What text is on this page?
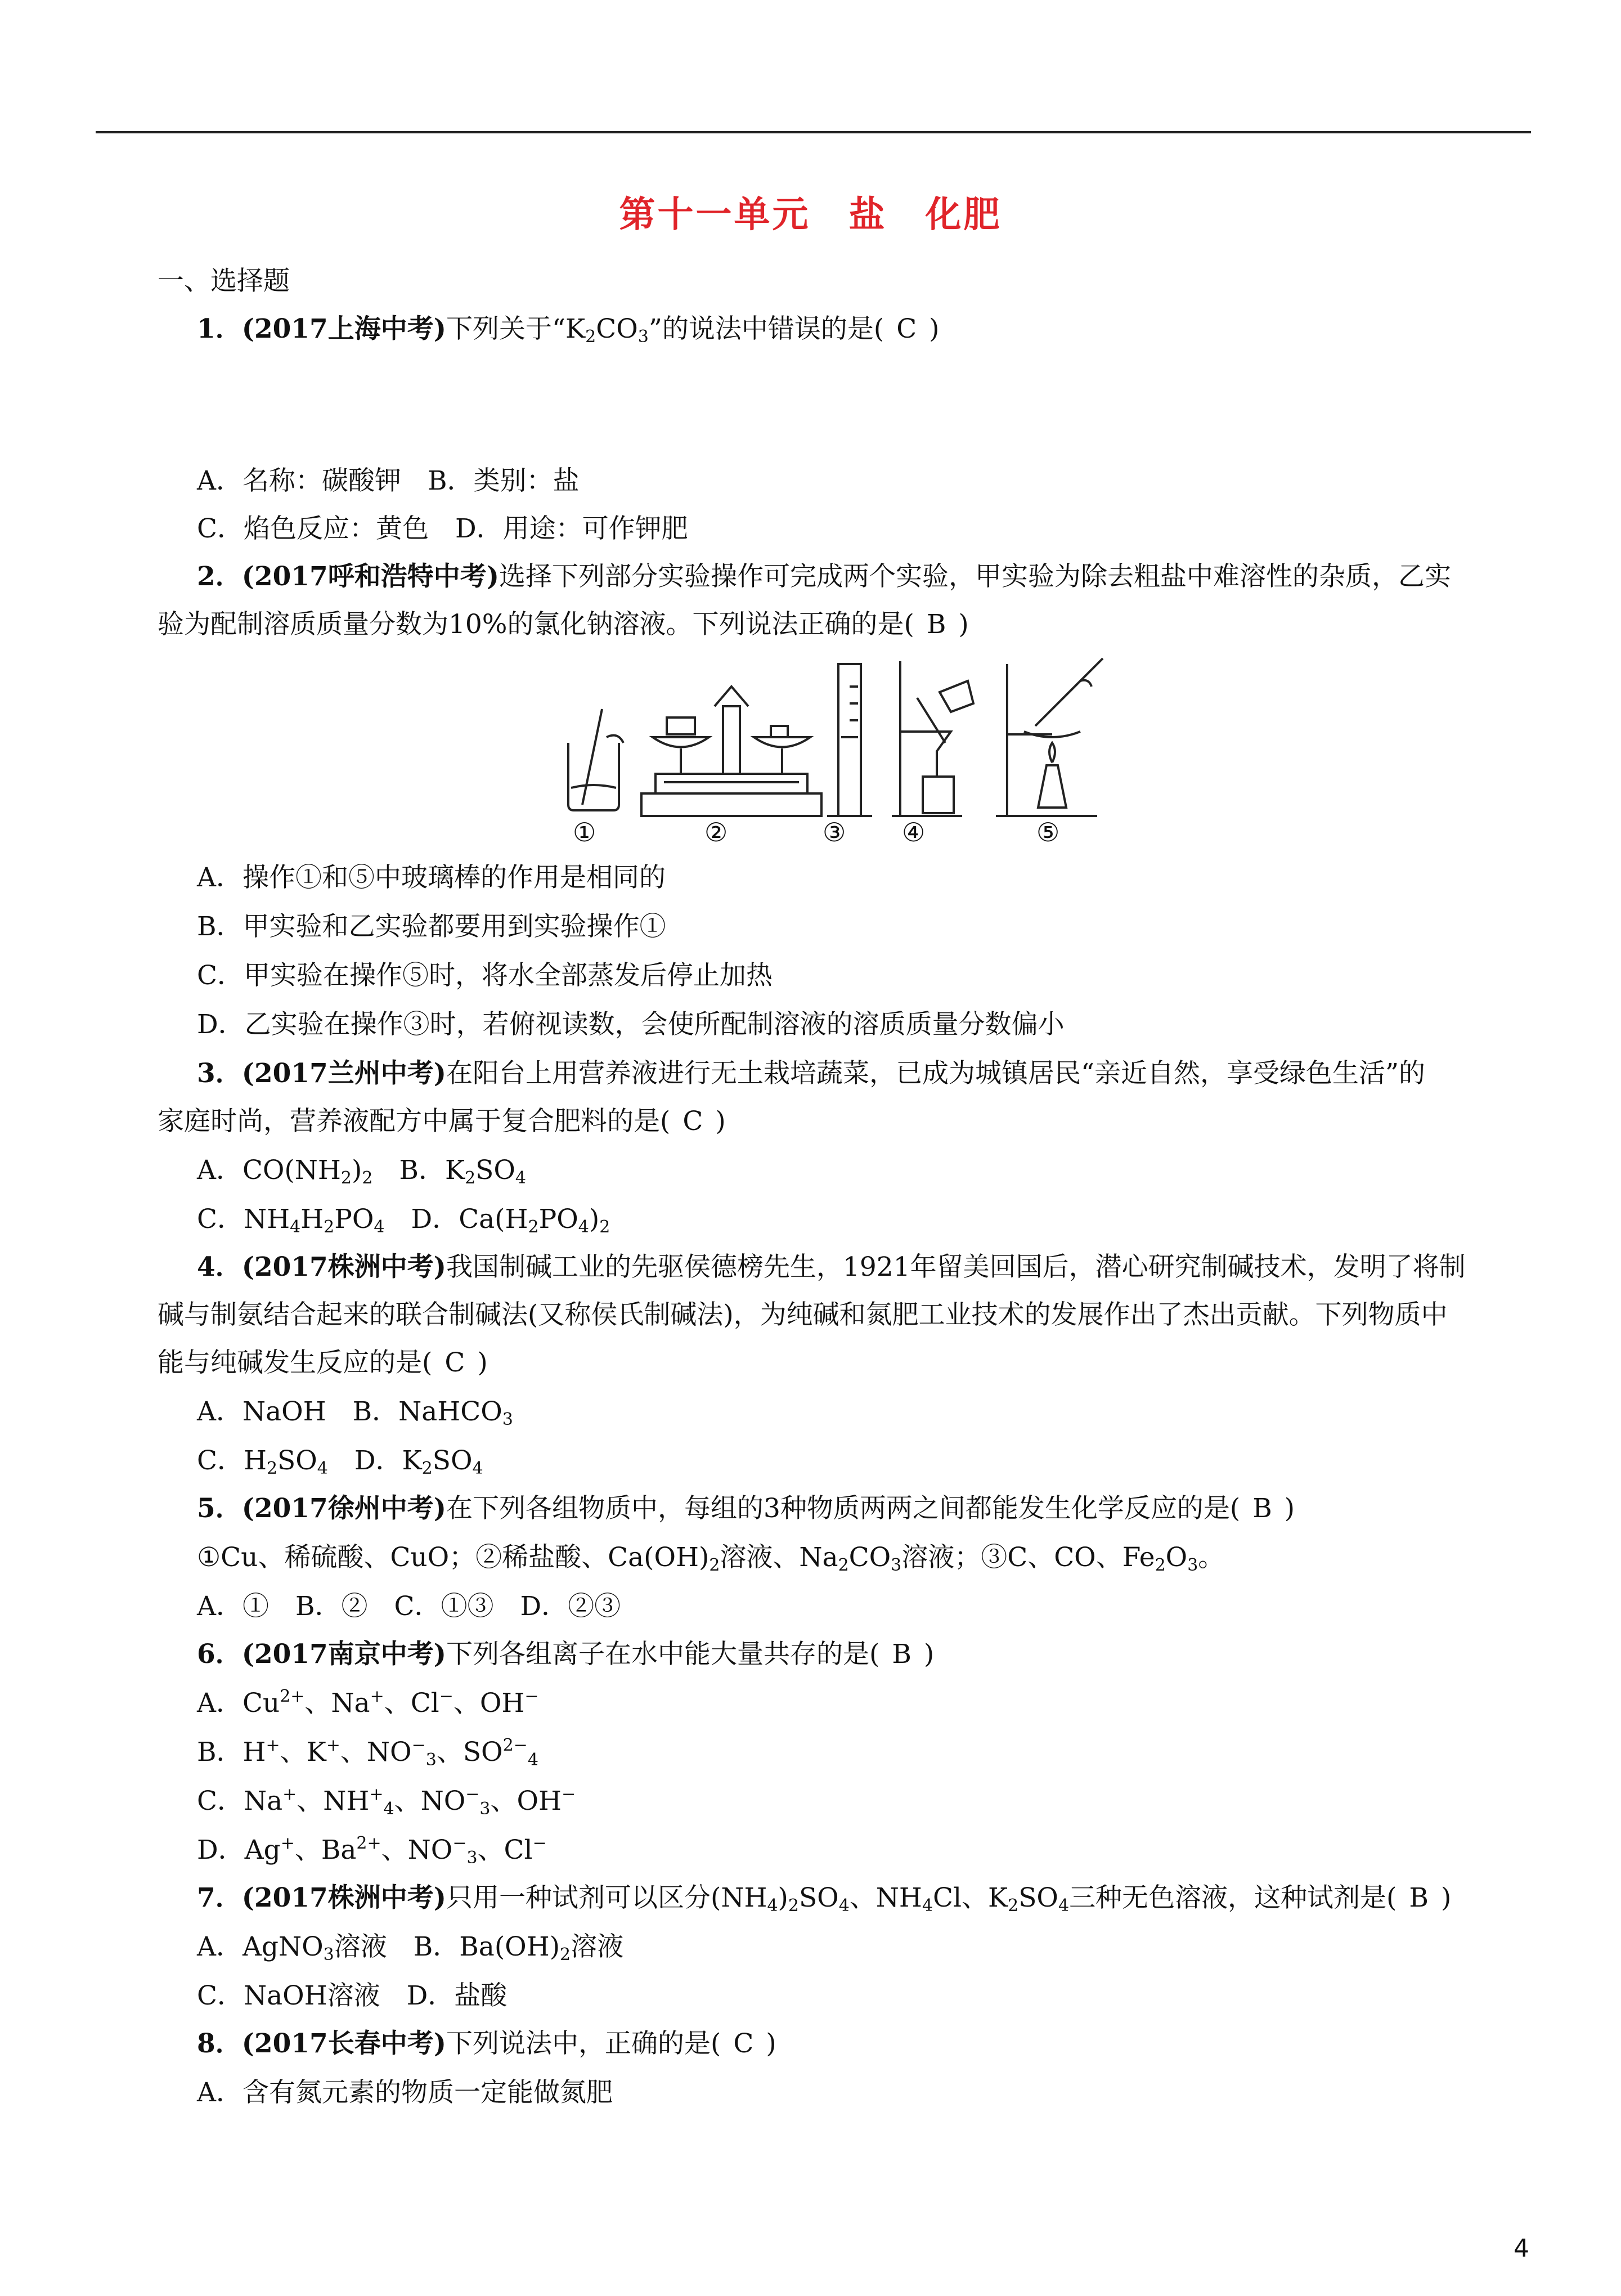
第十一单元　盐　化肥
一、选择题
1．(2017上海中考)下列关于“$K_2CO_3$”的说法中错误的是( C )
A．名称：碳酸钾　B．类别：盐
C．焰色反应：黄色　D．用途：可作钾肥
2．(2017呼和浩特中考)选择下列部分实验操作可完成两个实验，甲实验为除去粗盐中难溶性的杂质，乙实
验为配制溶质质量分数为10%的氯化钠溶液。下列说法正确的是( B )
①	②	③ ④	⑤
A．操作①和⑤中玻璃棒的作用是相同的
B．甲实验和乙实验都要用到实验操作①
C．甲实验在操作⑤时，将水全部蒸发后停止加热
D．乙实验在操作③时，若俯视读数，会使所配制溶液的溶质质量分数偏小
3．(2017兰州中考)在阳台上用营养液进行无土栽培蔬菜，已成为城镇居民“亲近自然，享受绿色生活”的
家庭时尚，营养液配方中属于复合肥料的是( C )
A．$CO(NH_2)_2$　B．$K_2SO_4$
C．$NH_4H_2PO_4$　D．$Ca(H_2PO_4)_2$
4．(2017株洲中考)我国制碱工业的先驱侯德榜先生，1921年留美回国后，潜心研究制碱技术，发明了将制
碱与制氨结合起来的联合制碱法(又称侯氏制碱法)，为纯碱和氮肥工业技术的发展作出了杰出贡献。下列物质中
能与纯碱发生反应的是( C )
A．NaOH　B．NaHCO$_3$
C．$H_2SO_4$　D．$K_2SO_4$
5．(2017徐州中考)在下列各组物质中，每组的3种物质两两之间都能发生化学反应的是( B )
①Cu、稀硫酸、CuO；②稀盐酸、$Ca(OH)_2$溶液、$Na_2CO_3$溶液；③C、CO、$Fe_2O_3$。
A．①　B．②　C．①③　D．②③
6．(2017南京中考)下列各组离子在水中能大量共存的是( B )
A．$Cu^{2+}$、Na+、Cl−、OH−
B．H+、K+、$NO^-_3$、$SO^{2-}_4$
C．Na+、$NH^+_4$、$NO^-_3$、OH−
D．Ag+、$Ba^{2+}$、$NO^-_3$、Cl−
7．(2017株洲中考)只用一种试剂可以区分$(NH_4)_2SO_4$、$NH_4Cl$、$K_2SO_4$三种无色溶液，这种试剂是( B )
A．AgNO$_3$溶液　B．$Ba(OH)_2$溶液
C．NaOH溶液　D．盐酸
8．(2017长春中考)下列说法中，正确的是( C )
A．含有氮元素的物质一定能做氮肥
4
